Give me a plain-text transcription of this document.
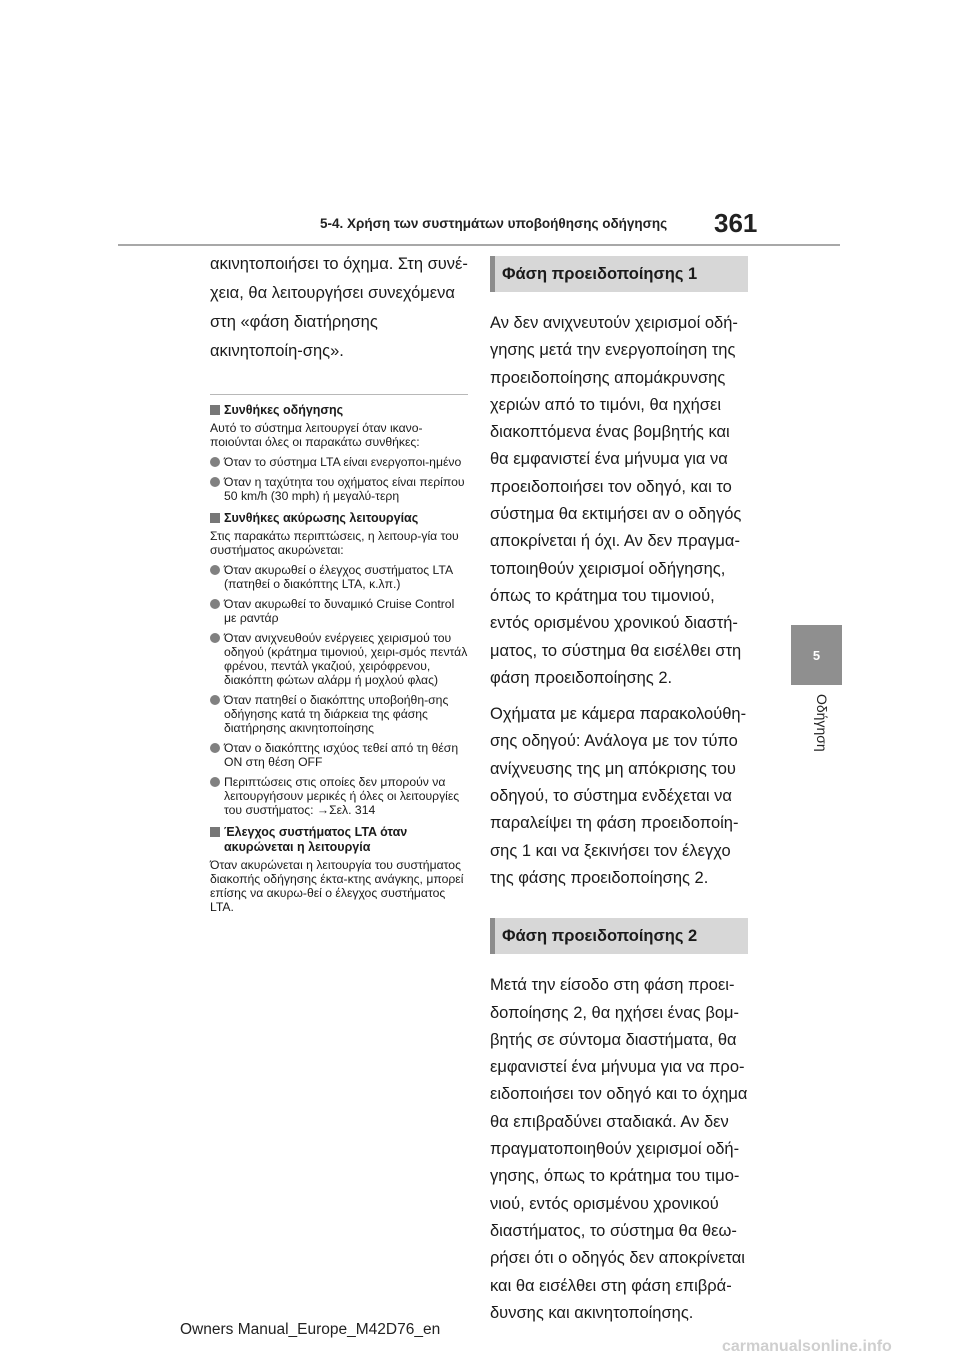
5-4. Χρήση των συστημάτων υποβοήθησης οδήγησης	361
5
Οδήγηση

ακινητοποιήσει το όχημα. Στη συνέ-χεια, θα λειτουργήσει συνεχόμενα στη «φάση διατήρησης ακινητοποίη-σης».

Συνθήκες οδήγησης

Αυτό το σύστημα λειτουργεί όταν ικανο-ποιούνται όλες οι παρακάτω συνθήκες:

Όταν το σύστημα LTA είναι ενεργοποι-ημένο
Όταν η ταχύτητα του οχήματος είναι περίπου 50 km/h (30 mph) ή μεγαλύ-τερη
Συνθήκες ακύρωσης λειτουργίας

Στις παρακάτω περιπτώσεις, η λειτουρ-γία του συστήματος ακυρώνεται:

Όταν ακυρωθεί ο έλεγχος συστήματος LTA (πατηθεί ο διακόπτης LTA, κ.λπ.)
Όταν ακυρωθεί το δυναμικό Cruise Control με ραντάρ
Όταν ανιχνευθούν ενέργειες χειρισμού του οδηγού (κράτημα τιμονιού, χειρι-σμός πεντάλ φρένου, πεντάλ γκαζιού, χειρόφρενου, διακόπτη φώτων αλάρμ ή μοχλού φλας)
Όταν πατηθεί ο διακόπτης υποβοήθη-σης οδήγησης κατά τη διάρκεια της φάσης διατήρησης ακινητοποίησης
Όταν ο διακόπτης ισχύος τεθεί από τη θέση ON στη θέση OFF
Περιπτώσεις στις οποίες δεν μπορούν να λειτουργήσουν μερικές ή όλες οι λειτουργίες του συστήματος: →Σελ. 314
Έλεγχος συστήματος LTA όταν ακυρώνεται η λειτουργία

Όταν ακυρώνεται η λειτουργία του συστήματος διακοπής οδήγησης έκτα-κτης ανάγκης, μπορεί επίσης να ακυρω-θεί ο έλεγχος συστήματος LTA.

Φάση προειδοποίησης 1

Αν δεν ανιχνευτούν χειρισμοί οδή-γησης μετά την ενεργοποίηση της προειδοποίησης απομάκρυνσης χεριών από το τιμόνι, θα ηχήσει διακοπτόμενα ένας βομβητής και θα εμφανιστεί ένα μήνυμα για να προειδοποιήσει τον οδηγό, και το σύστημα θα εκτιμήσει αν ο οδηγός αποκρίνεται ή όχι. Αν δεν πραγμα-τοποιηθούν χειρισμοί οδήγησης, όπως το κράτημα του τιμονιού, εντός ορισμένου χρονικού διαστή-ματος, το σύστημα θα εισέλθει στη φάση προειδοποίησης 2.

Οχήματα με κάμερα παρακολούθη-σης οδηγού: Ανάλογα με τον τύπο ανίχνευσης της μη απόκρισης του οδηγού, το σύστημα ενδέχεται να παραλείψει τη φάση προειδοποίη-σης 1 και να ξεκινήσει τον έλεγχο της φάσης προειδοποίησης 2.

Φάση προειδοποίησης 2

Μετά την είσοδο στη φάση προει-δοποίησης 2, θα ηχήσει ένας βομ-βητής σε σύντομα διαστήματα, θα εμφανιστεί ένα μήνυμα για να προ-ειδοποιήσει τον οδηγό και το όχημα θα επιβραδύνει σταδιακά. Αν δεν πραγματοποιηθούν χειρισμοί οδή-γησης, όπως το κράτημα του τιμο-νιού, εντός ορισμένου χρονικού διαστήματος, το σύστημα θα θεω-ρήσει ότι ο οδηγός δεν αποκρίνεται και θα εισέλθει στη φάση επιβρά-δυνσης και ακινητοποίησης.

Owners Manual_Europe_M42D76_en
carmanualsonline.info
